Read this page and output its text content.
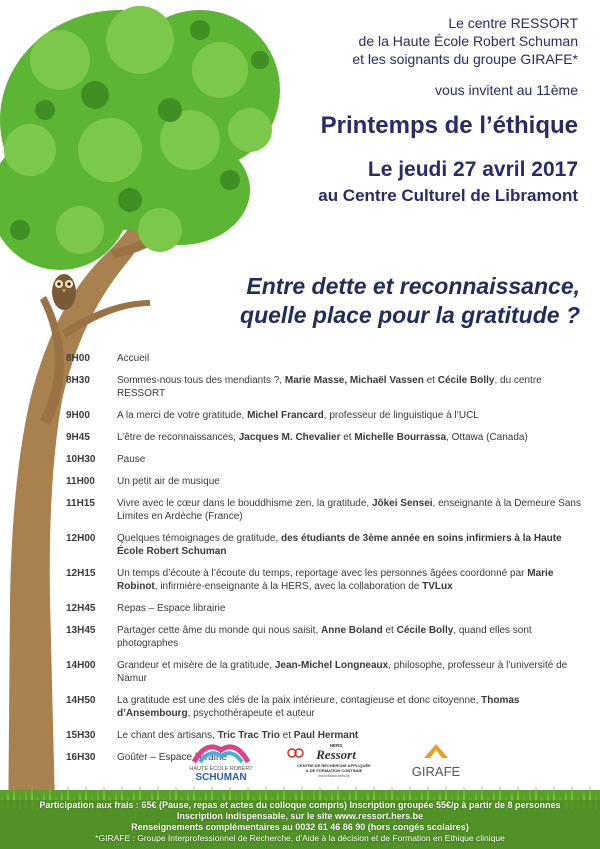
Le centre RESSORT
de la Haute École Robert Schuman
et les soignants du groupe GIRAFE*
vous invitent au 11ème
Printemps de l’éthique
Le jeudi 27 avril 2017
au Centre Culturel de Libramont
Entre dette et reconnaissance,
quelle place pour la gratitude ?
8H00	Accueil
8H30	Sommes-nous tous des mendiants ?, Marie Masse, Michaël Vassen et Cécile Bolly, du centre RESSORT
9H00	A la merci de votre gratitude, Michel Francard, professeur de linguistique à l’UCL
9H45	L’être de reconnaissances, Jacques M. Chevalier et Michelle Bourrassa, Ottawa (Canada)
10H30	Pause
11H00	Un petit air de musique
11H15	Vivre avec le cœur dans le bouddhisme zen, la gratitude, Jôkei Sensei, enseignante à la Demeure Sans Limites en Ardèche (France)
12H00	Quelques témoignages de gratitude, des étudiants de 3ème année en soins infirmiers à la Haute École Robert Schuman
12H15	Un temps d’écoute à l’écoute du temps, reportage avec les personnes âgées coordonné par Marie Robinot, infirmière-enseignante à la HERS, avec la collaboration de TVLux
12H45	Repas – Espace librairie
13H45	Partager cette âme du monde qui nous saisit, Anne Boland et Cécile Bolly, quand elles sont photographes
14H00	Grandeur et misère de la gratitude, Jean-Michel Longneaux, philosophe, professeur à l’université de Namur
14H50	La gratitude est une des clés de la paix intérieure, contagieuse et donc citoyenne, Thomas d’Ansembourg, psychothérapeute et auteur
15H30	Le chant des artisans, Tric Trac Trio et Paul Hermant
16H30	Goûter – Espace librairie
HAUTE ÉCOLE ROBERT
SCHUMAN
HERS
Ressort
CENTRE DE RECHERCHE APPLIQUÉE
& DE FORMATION CONTINUE
www.ressort.hers.be	GIRAFE
Participation aux frais : 65€ (Pause, repas et actes du colloque compris) Inscription groupée 55€/p à partir de 8 personnes
Inscription indispensable, sur le site www.ressort.hers.be
Renseignements complémentaires au 0032 61 46 86 90 (hors congés scolaires)
*GIRAFE : Groupe Interprofessionnel de Recherche, d’Aide à la décision et de Formation en Ethique clinique
